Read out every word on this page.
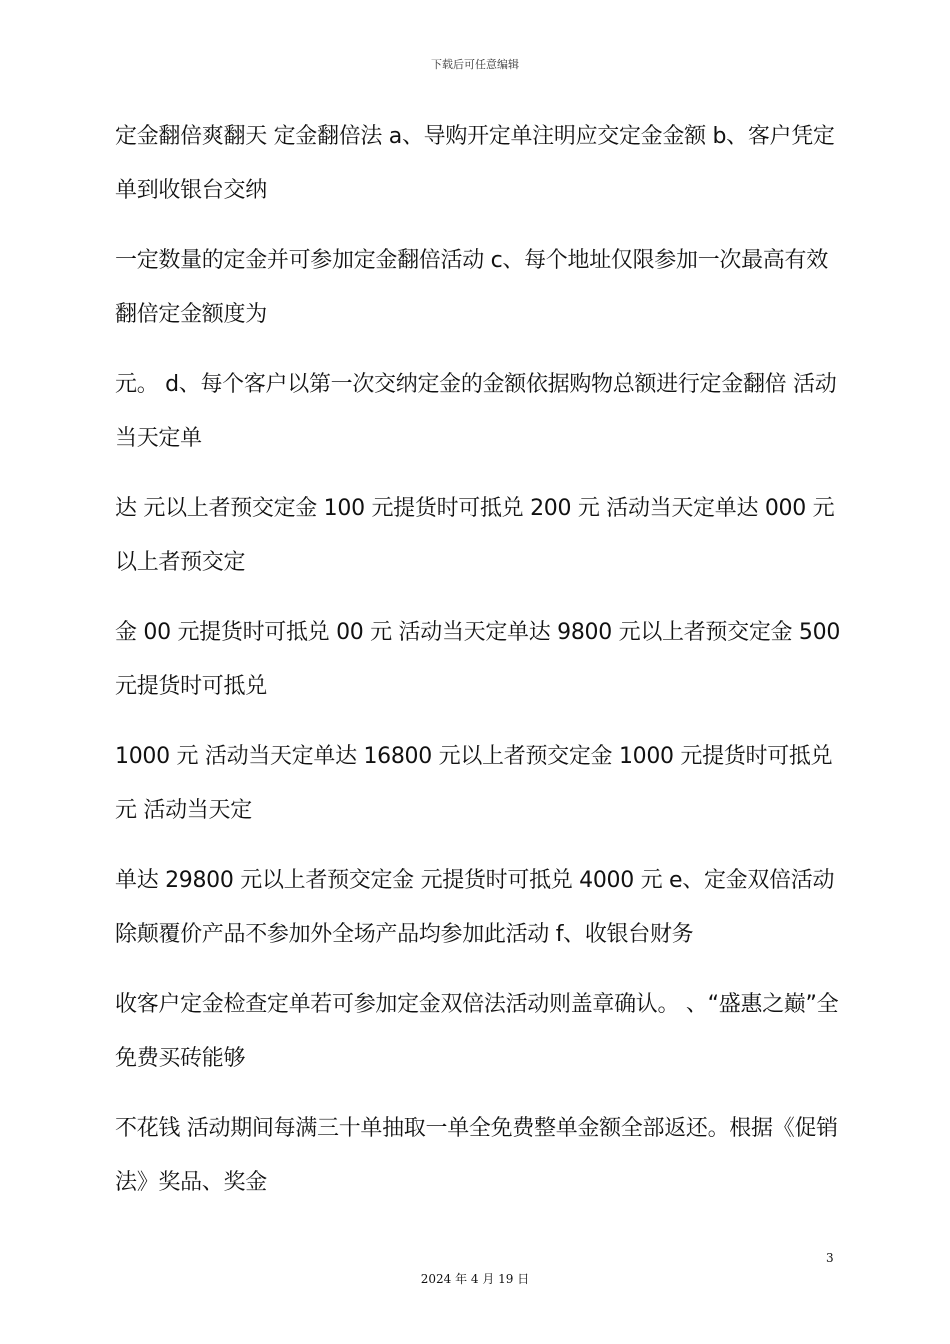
下载后可任意编辑

定金翻倍爽翻天 定金翻倍法 a、导购开定单注明应交定金金额 b、客户凭定单到收银台交纳

一定数量的定金并可参加定金翻倍活动 c、每个地址仅限参加一次最高有效翻倍定金额度为

元。 d、每个客户以第一次交纳定金的金额依据购物总额进行定金翻倍 活动当天定单

达 元以上者预交定金 100 元提货时可抵兑 200 元 活动当天定单达 000 元以上者预交定

金 00 元提货时可抵兑 00 元 活动当天定单达 9800 元以上者预交定金 500 元提货时可抵兑

1000 元 活动当天定单达 16800 元以上者预交定金 1000 元提货时可抵兑 元 活动当天定

单达 29800 元以上者预交定金 元提货时可抵兑 4000 元 e、定金双倍活动除颠覆价产品不参加外全场产品均参加此活动 f、收银台财务

收客户定金检查定单若可参加定金双倍法活动则盖章确认。 、“盛惠之巅”全免费买砖能够

不花钱 活动期间每满三十单抽取一单全免费整单金额全部返还。根据《促销法》奖品、奖金

3
2024 年 4 月 19 日
